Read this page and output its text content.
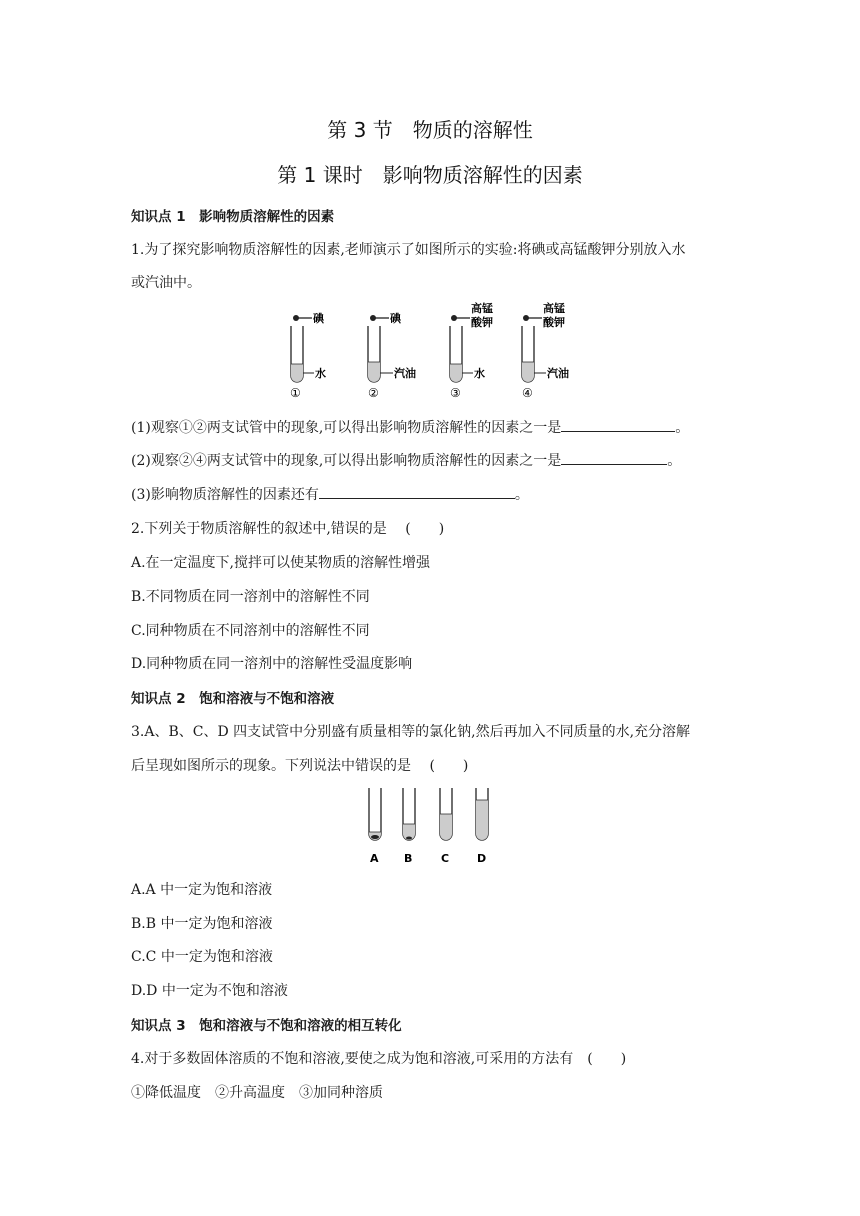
第 3 节　物质的溶解性
第 1 课时　影响物质溶解性的因素
知识点 1　影响物质溶解性的因素
1.为了探究影响物质溶解性的因素,老师演示了如图所示的实验:将碘或高锰酸钾分别放入水
或汽油中。
碘
水
①
碘
汽油
②
高锰
酸钾
水
③
高锰
酸钾
汽油
④
(1)观察①②两支试管中的现象,可以得出影响物质溶解性的因素之一是	。
(2)观察②④两支试管中的现象,可以得出影响物质溶解性的因素之一是	。
(3)影响物质溶解性的因素还有	。
2.下列关于物质溶解性的叙述中,错误的是　 (　　)
A.在一定温度下,搅拌可以使某物质的溶解性增强
B.不同物质在同一溶剂中的溶解性不同
C.同种物质在不同溶剂中的溶解性不同
D.同种物质在同一溶剂中的溶解性受温度影响
知识点 2　饱和溶液与不饱和溶液
3.A、B、C、D 四支试管中分别盛有质量相等的氯化钠,然后再加入不同质量的水,充分溶解
后呈现如图所示的现象。下列说法中错误的是　 (　　)
A B	C	D
A.A 中一定为饱和溶液
B.B 中一定为饱和溶液
C.C 中一定为饱和溶液
D.D 中一定为不饱和溶液
知识点 3　饱和溶液与不饱和溶液的相互转化
4.对于多数固体溶质的不饱和溶液,要使之成为饱和溶液,可采用的方法有　(　　)
①降低温度　②升高温度　③加同种溶质
